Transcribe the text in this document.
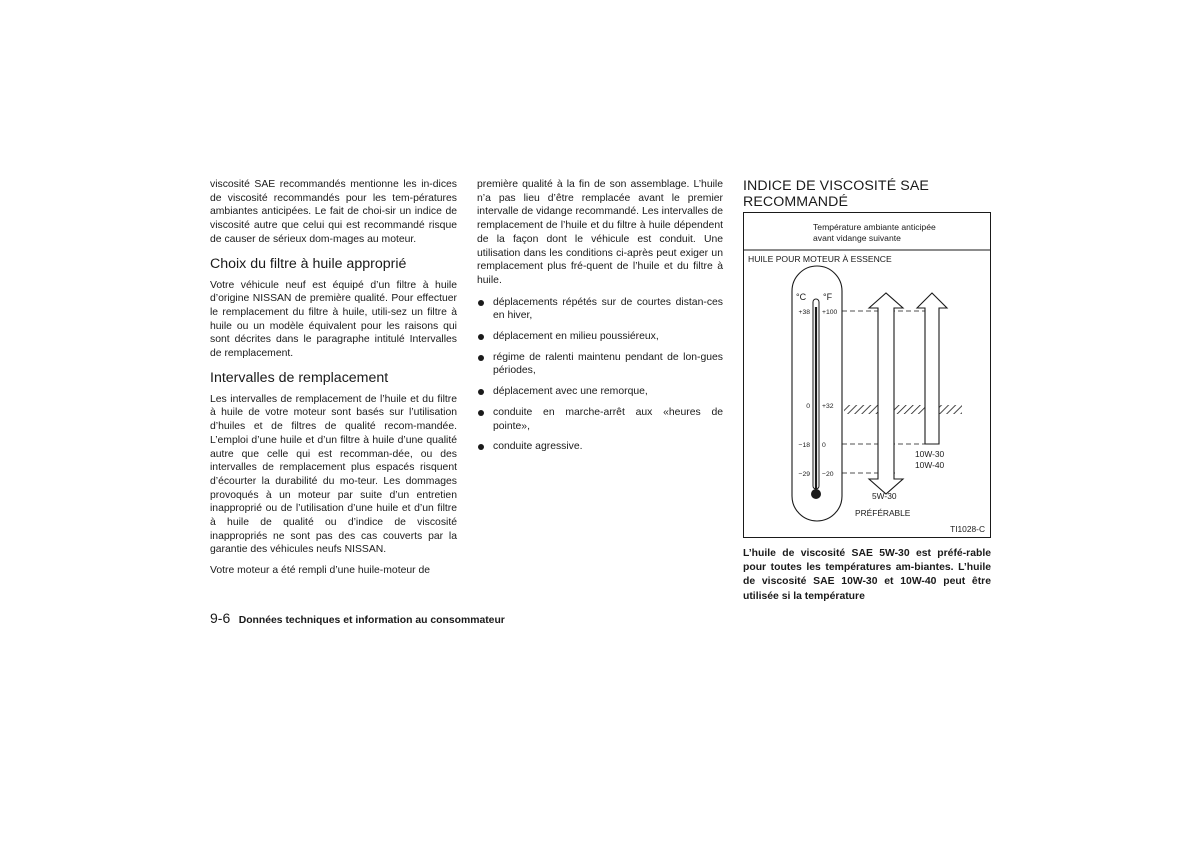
viscosité SAE recommandés mentionne les in-dices de viscosité recommandés pour les tem-pératures ambiantes anticipées. Le fait de choi-sir un indice de viscosité autre que celui qui est recommandé risque de causer de sérieux dom-mages au moteur.

Choix du filtre à huile approprié

Votre véhicule neuf est équipé d’un filtre à huile d’origine NISSAN de première qualité. Pour effectuer le remplacement du filtre à huile, utili-sez un filtre à huile ou un modèle équivalent pour les raisons qui sont décrites dans le paragraphe intitulé Intervalles de remplacement.

Intervalles de remplacement

Les intervalles de remplacement de l’huile et du filtre à huile de votre moteur sont basés sur l’utilisation d’huiles et de filtres de qualité recom-mandée. L’emploi d’une huile et d’un filtre à huile d’une qualité autre que celle qui est recomman-dée, ou des intervalles de remplacement plus espacés risquent d’écourter la durabilité du mo-teur. Les dommages provoqués à un moteur par suite d’un entretien inapproprié ou de l’utilisation d’une huile et d’un filtre à huile de qualité ou d’indice de viscosité inappropriés ne sont pas des cas couverts par la garantie des véhicules neufs NISSAN.

Votre moteur a été rempli d’une huile-moteur de

première qualité à la fin de son assemblage. L’huile n’a pas lieu d’être remplacée avant le premier intervalle de vidange recommandé. Les intervalles de remplacement de l’huile et du filtre à huile dépendent de la façon dont le véhicule est conduit. Une utilisation dans les conditions ci-après peut exiger un remplacement plus fré-quent de l’huile et du filtre à huile.

déplacements répétés sur de courtes distan-ces en hiver,
déplacement en milieu poussiéreux,
régime de ralenti maintenu pendant de lon-gues périodes,
déplacement avec une remorque,
conduite en marche-arrêt aux «heures de pointe»,
conduite agressive.
INDICE DE VISCOSITÉ SAE
RECOMMANDÉ
Température ambiante anticipée
avant vidange suivante
HUILE POUR MOTEUR À ESSENCE
°C °F
+38
0
−18
−29
+100
+32
0
−20
10W-30
10W-40
5W-30
PRÉFÉRABLE
TI1028-C

L’huile de viscosité SAE 5W-30 est préfé-rable pour toutes les températures am-biantes. L’huile de viscosité SAE 10W-30 et 10W-40 peut être utilisée si la température

9-6 Données techniques et information au consommateur
